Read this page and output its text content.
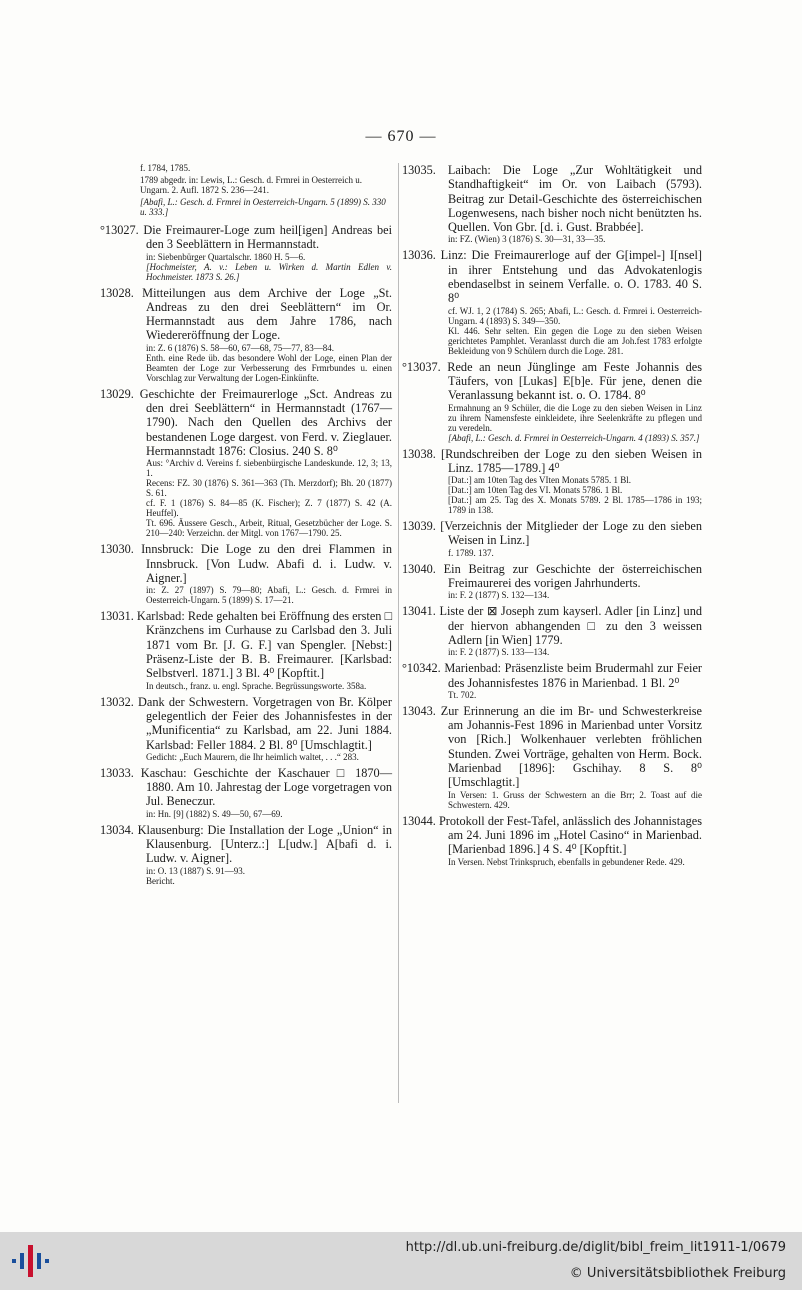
— 670 —
f. 1784, 1785.
1789 abgedr. in: Lewis, L.: Gesch. d. Frmrei in Oesterreich u. Ungarn. 2. Aufl. 1872 S. 236—241.
[Abafi, L.: Gesch. d. Frmrei in Oesterreich-Ungarn. 5 (1899) S. 330 u. 333.]
°13027. Die Freimaurer-Loge zum heil[igen] Andreas bei den 3 Seeblättern in Hermannstadt.
in: Siebenbürger Quartalschr. 1860 H. 5—6.
[Hochmeister, A. v.: Leben u. Wirken d. Martin Edlen v. Hochmeister. 1873 S. 26.]
13028. Mitteilungen aus dem Archive der Loge „St. Andreas zu den drei Seeblättern“ im Or. Hermannstadt aus dem Jahre 1786, nach Wiedereröffnung der Loge.
in: Z. 6 (1876) S. 58—60, 67—68, 75—77, 83—84.
Enth. eine Rede üb. das besondere Wohl der Loge, einen Plan der Beamten der Loge zur Verbesserung des Frmrbundes u. einen Vorschlag zur Verwaltung der Logen-Einkünfte.
13029. Geschichte der Freimaurerloge „Sct. Andreas zu den drei Seeblättern“ in Hermannstadt (1767—1790). Nach den Quellen des Archivs der bestandenen Loge dargest. von Ferd. v. Zieglauer. Hermannstadt 1876: Closius. 240 S. 8⁰
Aus: °Archiv d. Vereins f. siebenbürgische Landeskunde. 12, 3; 13, 1.
Recens: FZ. 30 (1876) S. 361—363 (Th. Merzdorf); Bh. 20 (1877) S. 61.
cf. F. 1 (1876) S. 84—85 (K. Fischer); Z. 7 (1877) S. 42 (A. Heuffel).
Tt. 696. Äussere Gesch., Arbeit, Ritual, Gesetzbücher der Loge. S. 210—240: Verzeichn. der Mitgl. von 1767—1790. 25.
13030. Innsbruck: Die Loge zu den drei Flammen in Innsbruck. [Von Ludw. Abafi d. i. Ludw. v. Aigner.]
in: Z. 27 (1897) S. 79—80; Abafi, L.: Gesch. d. Frmrei in Oesterreich-Ungarn. 5 (1899) S. 17—21.
13031. Karlsbad: Rede gehalten bei Eröffnung des ersten □ Kränzchens im Curhause zu Carlsbad den 3. Juli 1871 vom Br. [J. G. F.] van Spengler. [Nebst:] Präsenz-Liste der B. B. Freimaurer. [Karlsbad: Selbstverl. 1871.] 3 Bl. 4⁰ [Kopftit.]
In deutsch., franz. u. engl. Sprache. Begrüssungsworte. 358a.
13032. Dank der Schwestern. Vorgetragen von Br. Kölper gelegentlich der Feier des Johannisfestes in der „Munificentia“ zu Karlsbad, am 22. Juni 1884. Karlsbad: Feller 1884. 2 Bl. 8⁰ [Umschlagtit.]
Gedicht: „Euch Maurern, die Ihr heimlich waltet, . . .“ 283.
13033. Kaschau: Geschichte der Kaschauer □ 1870—1880. Am 10. Jahrestag der Loge vorgetragen von Jul. Beneczur.
in: Hn. [9] (1882) S. 49—50, 67—69.
13034. Klausenburg: Die Installation der Loge „Union“ in Klausenburg. [Unterz.:] L[udw.] A[bafi d. i. Ludw. v. Aigner].
in: O. 13 (1887) S. 91—93.
Bericht.
13035. Laibach: Die Loge „Zur Wohltätigkeit und Standhaftigkeit“ im Or. von Laibach (5793). Beitrag zur Detail-Geschichte des österreichischen Logenwesens, nach bisher noch nicht benützten hs. Quellen. Von Gbr. [d. i. Gust. Brabbée].
in: FZ. (Wien) 3 (1876) S. 30—31, 33—35.
13036. Linz: Die Freimaurerloge auf der G[impel-] I[nsel] in ihrer Entstehung und das Advokatenlogis ebendaselbst in seinem Verfalle. o. O. 1783. 40 S. 8⁰
cf. WJ. 1, 2 (1784) S. 265; Abafi, L.: Gesch. d. Frmrei i. Oesterreich-Ungarn. 4 (1893) S. 349—350.
Kl. 446. Sehr selten. Ein gegen die Loge zu den sieben Weisen gerichtetes Pamphlet. Veranlasst durch die am Joh.fest 1783 erfolgte Bekleidung von 9 Schülern durch die Loge. 281.
°13037. Rede an neun Jünglinge am Feste Johannis des Täufers, von [Lukas] E[b]e. Für jene, denen die Veranlassung bekannt ist. o. O. 1784. 8⁰
Ermahnung an 9 Schüler, die die Loge zu den sieben Weisen in Linz zu ihrem Namensfeste einkleidete, ihre Seelenkräfte zu pflegen und zu veredeln.
[Abafi, L.: Gesch. d. Frmrei in Oesterreich-Ungarn. 4 (1893) S. 357.]
13038. [Rundschreiben der Loge zu den sieben Weisen in Linz. 1785—1789.] 4⁰
[Dat.:] am 10ten Tag des VIten Monats 5785. 1 Bl.
[Dat.:] am 10ten Tag des VI. Monats 5786. 1 Bl.
[Dat.:] am 25. Tag des X. Monats 5789. 2 Bl. 1785—1786 in 193; 1789 in 138.
13039. [Verzeichnis der Mitglieder der Loge zu den sieben Weisen in Linz.]
f. 1789. 137.
13040. Ein Beitrag zur Geschichte der österreichischen Freimaurerei des vorigen Jahrhunderts.
in: F. 2 (1877) S. 132—134.
13041. Liste der ⊠ Joseph zum kayserl. Adler [in Linz] und der hiervon abhangenden □ zu den 3 weissen Adlern [in Wien] 1779.
in: F. 2 (1877) S. 133—134.
°10342. Marienbad: Präsenzliste beim Brudermahl zur Feier des Johannisfestes 1876 in Marienbad. 1 Bl. 2⁰
Tt. 702.
13043. Zur Erinnerung an die im Br- und Schwesterkreise am Johannis-Fest 1896 in Marienbad unter Vorsitz von [Rich.] Wolkenhauer verlebten fröhlichen Stunden. Zwei Vorträge, gehalten von Herm. Bock. Marienbad [1896]: Gschihay. 8 S. 8⁰ [Umschlagtit.]
In Versen: 1. Gruss der Schwestern an die Brr; 2. Toast auf die Schwestern. 429.
13044. Protokoll der Fest-Tafel, anlässlich des Johannistages am 24. Juni 1896 im „Hotel Casino“ in Marienbad. [Marienbad 1896.] 4 S. 4⁰ [Kopftit.]
In Versen. Nebst Trinkspruch, ebenfalls in gebundener Rede. 429.
http://dl.ub.uni-freiburg.de/diglit/bibl_freim_lit1911-1/0679
© Universitätsbibliothek Freiburg
